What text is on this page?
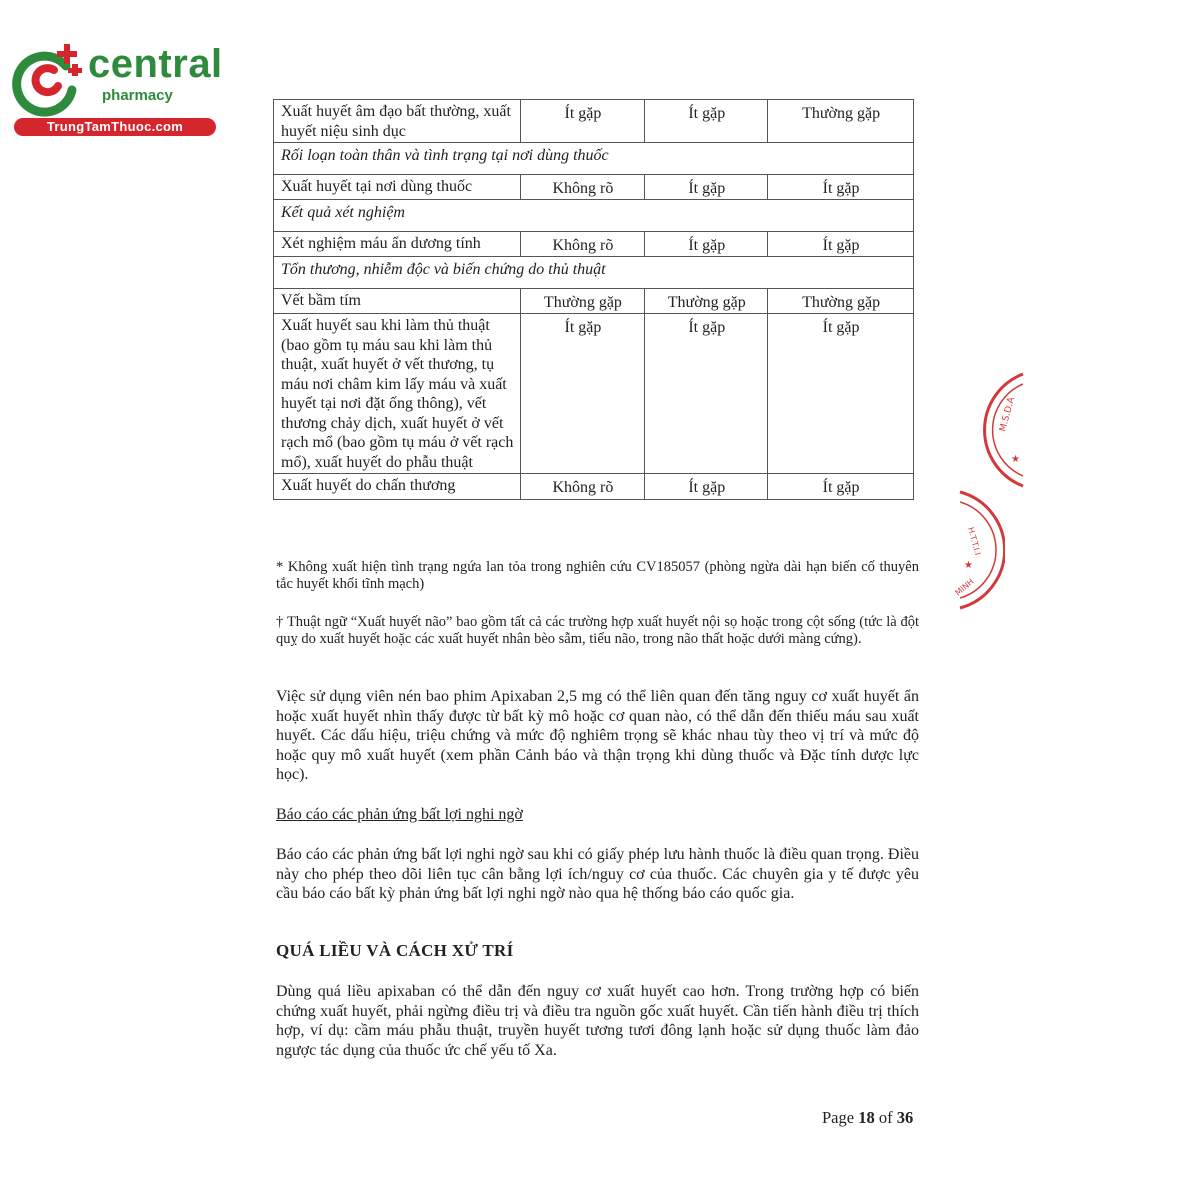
central
pharmacy
TrungTamThuoc.com
Xuất huyết âm đạo bất thường, xuất huyết niệu sinh dục	Ít gặp	Ít gặp	Thường gặp
Rối loạn toàn thân và tình trạng tại nơi dùng thuốc			
Xuất huyết tại nơi dùng thuốc	Không rõ	Ít gặp	Ít gặp
Kết quả xét nghiệm			
Xét nghiệm máu ẩn dương tính	Không rõ	Ít gặp	Ít gặp
Tổn thương, nhiễm độc và biến chứng do thủ thuật			
Vết bầm tím	Thường gặp	Thường gặp	Thường gặp
Xuất huyết sau khi làm thủ thuật (bao gồm tụ máu sau khi làm thủ thuật, xuất huyết ở vết thương, tụ máu nơi châm kim lấy máu và xuất huyết tại nơi đặt ống thông), vết thương chảy dịch, xuất huyết ở vết rạch mổ (bao gồm tụ máu ở vết rạch mổ), xuất huyết do phẫu thuật	Ít gặp	Ít gặp	Ít gặp
Xuất huyết do chấn thương	Không rõ	Ít gặp	Ít gặp
* Không xuất hiện tình trạng ngứa lan tỏa trong nghiên cứu CV185057 (phòng ngừa dài hạn biến cố thuyên tắc huyết khối tĩnh mạch)
† Thuật ngữ “Xuất huyết não” bao gồm tất cả các trường hợp xuất huyết nội sọ hoặc trong cột sống (tức là đột quỵ do xuất huyết hoặc các xuất huyết nhân bèo sẫm, tiểu não, trong não thất hoặc dưới màng cứng).
Việc sử dụng viên nén bao phim Apixaban 2,5 mg có thể liên quan đến tăng nguy cơ xuất huyết ẩn hoặc xuất huyết nhìn thấy được từ bất kỳ mô hoặc cơ quan nào, có thể dẫn đến thiếu máu sau xuất huyết. Các dấu hiệu, triệu chứng và mức độ nghiêm trọng sẽ khác nhau tùy theo vị trí và mức độ hoặc quy mô xuất huyết (xem phần Cảnh báo và thận trọng khi dùng thuốc và Đặc tính dược lực học).
Báo cáo các phản ứng bất lợi nghi ngờ
Báo cáo các phản ứng bất lợi nghi ngờ sau khi có giấy phép lưu hành thuốc là điều quan trọng. Điều này cho phép theo dõi liên tục cân bằng lợi ích/nguy cơ của thuốc. Các chuyên gia y tế được yêu cầu báo cáo bất kỳ phản ứng bất lợi nghi ngờ nào qua hệ thống báo cáo quốc gia.
QUÁ LIỀU VÀ CÁCH XỬ TRÍ
Dùng quá liều apixaban có thể dẫn đến nguy cơ xuất huyết cao hơn. Trong trường hợp có biến chứng xuất huyết, phải ngừng điều trị và điều tra nguồn gốc xuất huyết. Cần tiến hành điều trị thích hợp, ví dụ: cầm máu phẫu thuật, truyền huyết tương tươi đông lạnh hoặc sử dụng thuốc làm đảo ngược tác dụng của thuốc ức chế yếu tố Xa.
Page 18 of 36
M.S.D.A
★
H.T.T.I.I
★
MINH
